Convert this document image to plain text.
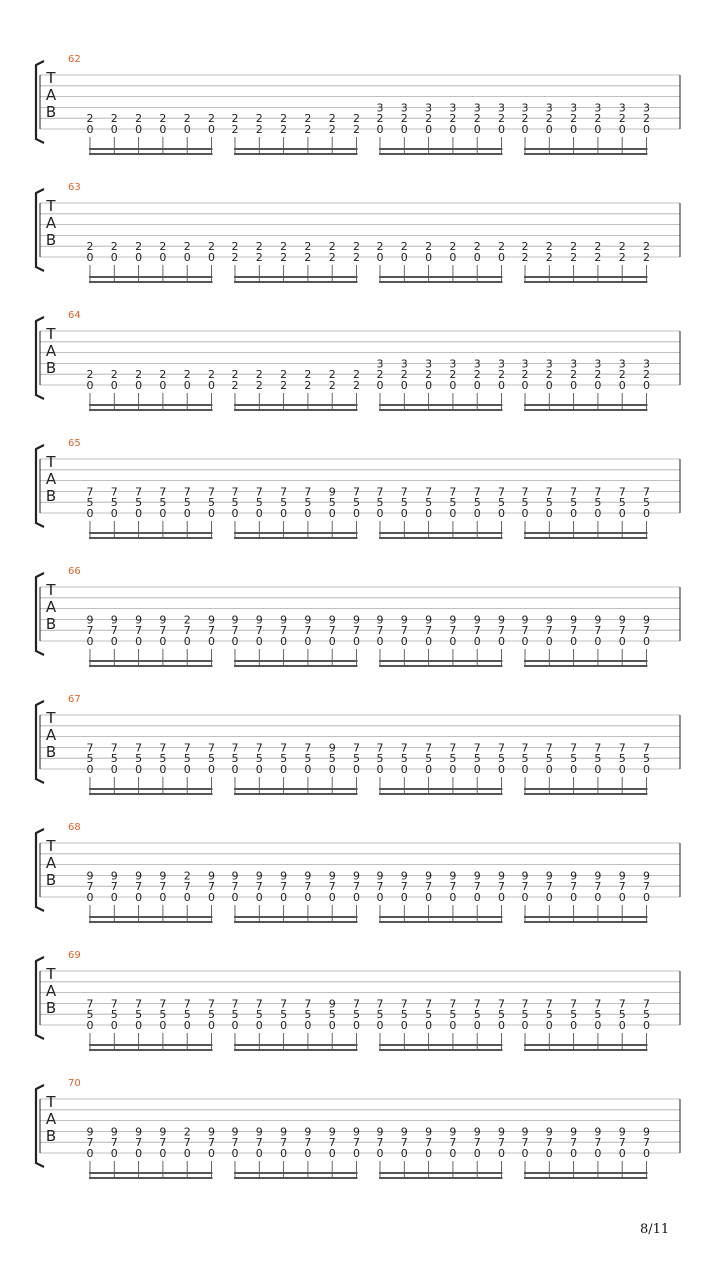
62
T
A
B	2
0
2
0
2
0
2
0
2
0
2
0
2
2
2
2
2
2
2
2
2
2
2
2
3
2
0
3
2
0
3
2
0
3
2
0
3
2
0
3
2
0
3
2
0
3
2
0
3
2
0
3
2
0
3
2
0
3
2
0
63
T
A
B	2
0
2
0
2
0
2
0
2
0
2
0
2
2
2
2
2
2
2
2
2
2
2
2
2
0
2
0
2
0
2
0
2
0
2
0
2
2
2
2
2
2
2
2
2
2
2
2
64
T
A
B	2
0
2
0
2
0
2
0
2
0
2
0
2
2
2
2
2
2
2
2
2
2
2
2
3
2
0
3
2
0
3
2
0
3
2
0
3
2
0
3
2
0
3
2
0
3
2
0
3
2
0
3
2
0
3
2
0
3
2
0
65
T
A
B	7
5
0
7
5
0
7
5
0
7
5
0
7
5
0
7
5
0
7
5
0
7
5
0
7
5
0
7
5
0
9
5
0
7
5
0
7
5
0
7
5
0
7
5
0
7
5
0
7
5
0
7
5
0
7
5
0
7
5
0
7
5
0
7
5
0
7
5
0
7
5
0
66
T
A
B	9
7
0
9
7
0
9
7
0
9
7
0
2
7
0
9
7
0
9
7
0
9
7
0
9
7
0
9
7
0
9
7
0
9
7
0
9
7
0
9
7
0
9
7
0
9
7
0
9
7
0
9
7
0
9
7
0
9
7
0
9
7
0
9
7
0
9
7
0
9
7
0
67
T
A
B	7
5
0
7
5
0
7
5
0
7
5
0
7
5
0
7
5
0
7
5
0
7
5
0
7
5
0
7
5
0
9
5
0
7
5
0
7
5
0
7
5
0
7
5
0
7
5
0
7
5
0
7
5
0
7
5
0
7
5
0
7
5
0
7
5
0
7
5
0
7
5
0
68
T
A
B	9
7
0
9
7
0
9
7
0
9
7
0
2
7
0
9
7
0
9
7
0
9
7
0
9
7
0
9
7
0
9
7
0
9
7
0
9
7
0
9
7
0
9
7
0
9
7
0
9
7
0
9
7
0
9
7
0
9
7
0
9
7
0
9
7
0
9
7
0
9
7
0
69
T
A
B	7
5
0
7
5
0
7
5
0
7
5
0
7
5
0
7
5
0
7
5
0
7
5
0
7
5
0
7
5
0
9
5
0
7
5
0
7
5
0
7
5
0
7
5
0
7
5
0
7
5
0
7
5
0
7
5
0
7
5
0
7
5
0
7
5
0
7
5
0
7
5
0
70
T
A
B	9
7
0
9
7
0
9
7
0
9
7
0
2
7
0
9
7
0
9
7
0
9
7
0
9
7
0
9
7
0
9
7
0
9
7
0
9
7
0
9
7
0
9
7
0
9
7
0
9
7
0
9
7
0
9
7
0
9
7
0
9
7
0
9
7
0
9
7
0
9
7
0
8/11
